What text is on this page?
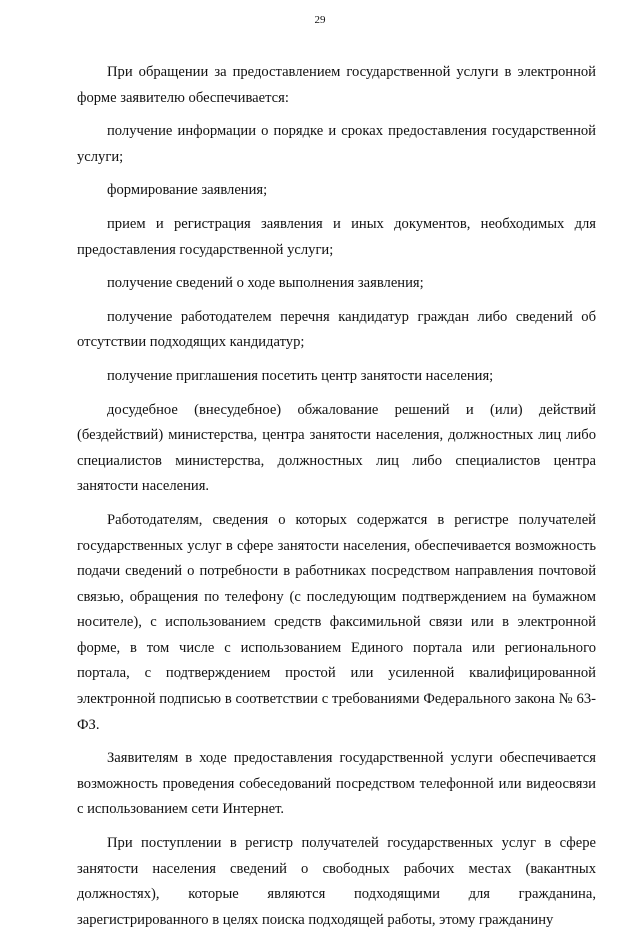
29

При обращении за предоставлением государственной услуги в электронной форме заявителю обеспечивается:

получение информации о порядке и сроках предоставления государственной услуги;

формирование заявления;

прием и регистрация заявления и иных документов, необходимых для предоставления государственной услуги;

получение сведений о ходе выполнения заявления;

получение работодателем перечня кандидатур граждан либо сведений об отсутствии подходящих кандидатур;

получение приглашения посетить центр занятости населения;

досудебное (внесудебное) обжалование решений и (или) действий (бездействий) министерства, центра занятости населения, должностных лиц либо специалистов министерства, должностных лиц либо специалистов центра занятости населения.

Работодателям, сведения о которых содержатся в регистре получателей государственных услуг в сфере занятости населения, обеспечивается возможность подачи сведений о потребности в работниках посредством направления почтовой связью, обращения по телефону (с последующим подтверждением на бумажном носителе), с использованием средств факсимильной связи или в электронной форме, в том числе с использованием Единого портала или регионального портала, с подтверждением простой или усиленной квалифицированной электронной подписью в соответствии с требованиями Федерального закона № 63-ФЗ.

Заявителям в ходе предоставления государственной услуги обеспечивается возможность проведения собеседований посредством телефонной или видеосвязи с использованием сети Интернет.

При поступлении в регистр получателей государственных услуг в сфере занятости населения сведений о свободных рабочих местах (вакантных должностях), которые являются подходящими для гражданина, зарегистрированного в целях поиска подходящей работы, этому гражданину
